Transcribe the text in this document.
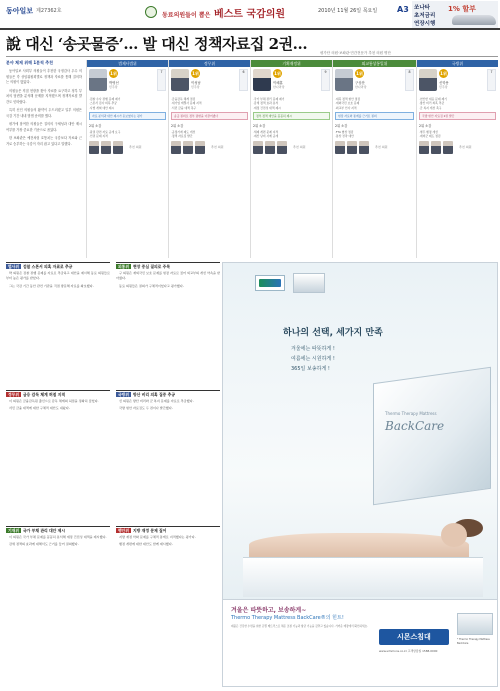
동아일보 제27362호
동료의원들이 뽑은 베스트 국감의원	2010년 11월 26일 목요일 A3 쏘나타
초저금리
연장시행
1% 할부
說 대신 ‘송곳물증’… 발 대신 정책자료집 2권…	평가단 의원·보좌관·민간전문가 추천 의원 명단
분야 체제 위해 1분씩 추천

동아일보 사회부 의원들이 추천한 국정감사 우수 의원들은 각 상임위원회별로 정책과 자료를 통해 질의하는 의원이 많았다.

의원들은 직접 현장을 찾아 자료를 요구하고 정부 부처의 답변을 분석해 문제를 지적했으며 정책자료집 발간도 잇따랐다.

특히 신인 의원들의 활약이 두드러졌고 일부 의원은 국감 기간 내내 밤샘 준비를 했다.

평가에 참여한 의원들은 질의의 구체성과 대안 제시 여부를 가장 중요한 기준으로 꼽았다.

한 보좌관은 예전처럼 호통치는 국감보다 자료와 근거로 승부하는 국감이 자리 잡고 있다고 말했다.

법제사법위
1위
박영선
민주당
7
·검찰 수사 관행 문제 제기
·스폰서 검사 의혹 추궁
·사법 개혁 대안 제시
자료 분석과 대안 제시가 돋보였다는 평가
2위 소감
·판결 관련 자료 공개 요구
·인권 문제 지적
추천 의원
정무위
1위
이성남
민주당
6
·금융감독 체계 점검
·대기업 계열사 문제 지적
·서민 금융 대책 촉구
송곳 질의로 정부 답변을 이끌어냈다
2위 소감
·공정거래 제도 개선
·정책 자료집 발간
추천 의원
기획재정위
1위
이혜훈
한나라당
9
·국가 부채 관리 문제 제기
·감세 정책 효과 분석
·재정 건전성 대책 제시
정부 정책 대안을 꼼꼼히 제시
2위 소감
·세제 개편 문제 지적
·예산 낭비 사례 공개
추천 의원
외교통상통일위
1위
구상찬
한나라당
8
·대북 정책 현안 점검
·재외국민 보호 문제
·외교부 인사 지적
현장 자료와 통계를 근거로 질의
2위 소감
·FTA 협상 점검
·통상 전략 대안
추천 의원
국방위
1위
신학용
민주당
7
·천안함 대응 문제 제기
·방산 비리 의혹 추궁
·군 복지 개선 촉구
국방 현안 자료집 2권 발간
2위 소감
·병무 행정 개선
·예비군 제도 점검
추천 의원
법사위	검찰 스폰서 의혹 자료로 추궁

박 의원은 검찰 관행 문제를 자료로 추궁하고 대안을 제시해 동료 의원들로부터 높은 평가를 받았다.

그는 국감 기간 동안 관련 기관을 직접 방문해 자료를 확보했다.

외통위	현장 중심 질의로 주목

구 의원은 재외국민 보호 문제를 현장 자료로 짚어 외교부의 개선 약속을 받아냈다.

동료 의원들은 질의가 구체적이었다고 평가했다.

정무위	금융 감독 체계 허점 지적

이 의원은 금융감독원 출신으로 감독 체계의 허점을 정확히 짚었다.

서민 금융 대책에 대한 구체적 대안도 내놨다.

국방위	방산 비리 의혹 집중 추궁

신 의원은 방산 비리와 군 복지 문제를 자료로 추궁했다.

국방 현안 자료집도 두 권이나 발간했다.

기재위	국가 부채 관리 대안 제시

이 의원은 국가 부채 문제를 꼼꼼히 분석해 재정 건전성 대책을 제시했다.

감세 정책의 효과에 대해서도 근거를 들어 질의했다.

행안위	지방 재정 문제 짚어

지방 재정 악화 문제를 구체적 통계로 지적했다는 평가다.

행정 개편에 대한 대안도 함께 제시했다.

하나의 선택, 세가지 만족
겨울에는 따뜻하게 !
여름에는 시원하게 !
365일 보송하게 !
Thermo Therapy Mattress
BackCare
겨울은 따뜻하고, 보송하게~
Thermo Therapy Mattress BackCare®의 힌트!
제품은 건강한 수면을 위한 온열 매트리스로 체온 조절 기능과 항균 기능을 갖추고 있습니다. 가까운 매장에서 확인하세요.
시몬스침대
www.simmons.co.kr 고객상담실 1588-0000
* Thermo Therapy Mattress BackCare
